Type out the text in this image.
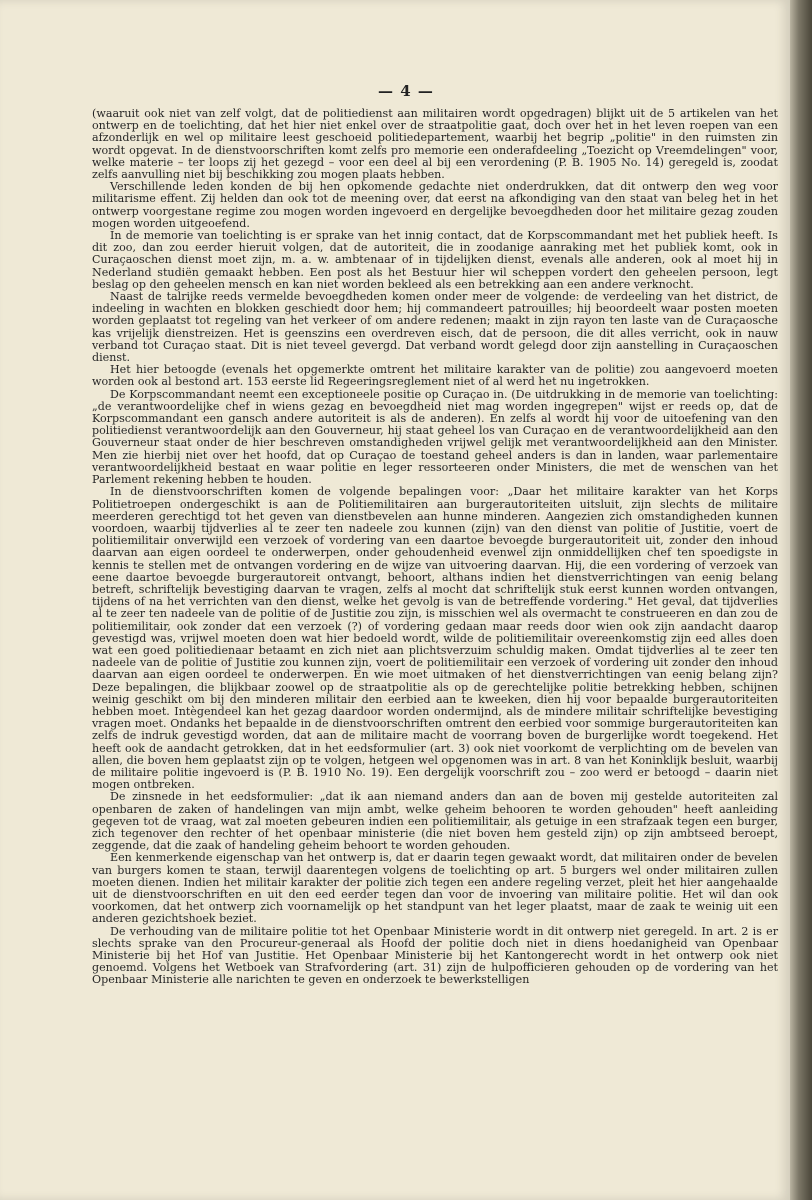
— 4 —

(waaruit ook niet van zelf volgt, dat de politiedienst aan militairen wordt opgedragen) blijkt uit de 5 artikelen van het ontwerp en de toelichting, dat het hier niet enkel over de straatpolitie gaat, doch over het in het leven roepen van een afzonderlijk en wel op militaire leest geschoeid politiedepartement, waarbij het begrip „politie" in den ruimsten zin wordt opgevat. In de dienstvoorschriften komt zelfs pro memorie een onderafdeeling „Toezicht op Vreemdelingen" voor, welke materie – ter loops zij het gezegd – voor een deel al bij een verordening (P. B. 1905 No. 14) geregeld is, zoodat zelfs aanvulling niet bij beschikking zou mogen plaats hebben.

Verschillende leden konden de bij hen opkomende gedachte niet onderdrukken, dat dit ontwerp den weg voor militarisme effent. Zij helden dan ook tot de meening over, dat eerst na afkondiging van den staat van beleg het in het ontwerp voorgestane regime zou mogen worden ingevoerd en dergelijke bevoegdheden door het militaire gezag zouden mogen worden uitgeoefend.

In de memorie van toelichting is er sprake van het innig contact, dat de Korpscommandant met het publiek heeft. Is dit zoo, dan zou eerder hieruit volgen, dat de autoriteit, die in zoodanige aanraking met het publiek komt, ook in Curaçaoschen dienst moet zijn, m. a. w. ambtenaar of in tijdelijken dienst, evenals alle anderen, ook al moet hij in Nederland studiën gemaakt hebben. Een post als het Bestuur hier wil scheppen vordert den geheelen persoon, legt beslag op den geheelen mensch en kan niet worden bekleed als een betrekking aan een andere verknocht.

Naast de talrijke reeds vermelde bevoegdheden komen onder meer de volgende: de verdeeling van het district, de indeeling in wachten en blokken geschiedt door hem; hij commandeert patrouilles; hij beoordeelt waar posten moeten worden geplaatst tot regeling van het verkeer of om andere redenen; maakt in zijn rayon ten laste van de Curaçaosche kas vrijelijk dienstreizen. Het is geenszins een overdreven eisch, dat de persoon, die dit alles verricht, ook in nauw verband tot Curaçao staat. Dit is niet teveel gevergd. Dat verband wordt gelegd door zijn aanstelling in Curaçaoschen dienst.

Het hier betoogde (evenals het opgemerkte omtrent het militaire karakter van de politie) zou aangevoerd moeten worden ook al bestond art. 153 eerste lid Regeeringsreglement niet of al werd het nu ingetrokken.

De Korpscommandant neemt een exceptioneele positie op Curaçao in. (De uitdrukking in de memorie van toelichting: „de verantwoordelijke chef in wiens gezag en bevoegdheid niet mag worden ingegrepen" wijst er reeds op, dat de Korpscommandant een gansch andere autoriteit is als de anderen). En zelfs al wordt hij voor de uitoefening van den politiedienst verantwoordelijk aan den Gouverneur, hij staat geheel los van Curaçao en de verantwoordelijkheid aan den Gouverneur staat onder de hier beschreven omstandigheden vrijwel gelijk met verantwoordelijkheid aan den Minister. Men zie hierbij niet over het hoofd, dat op Curaçao de toestand geheel anders is dan in landen, waar parlementaire verantwoordelijkheid bestaat en waar politie en leger ressorteeren onder Ministers, die met de wenschen van het Parlement rekening hebben te houden.

In de dienstvoorschriften komen de volgende bepalingen voor: „Daar het militaire karakter van het Korps Politietroepen ondergeschikt is aan de Politiemilitairen aan burgerautoriteiten uitsluit, zijn slechts de militaire meerderen gerechtigd tot het geven van dienstbevelen aan hunne minderen. Aangezien zich omstandigheden kunnen voordoen, waarbij tijdverlies al te zeer ten nadeele zou kunnen (zijn) van den dienst van politie of Justitie, voert de politiemilitair onverwijld een verzoek of vordering van een daartoe bevoegde burgerautoriteit uit, zonder den inhoud daarvan aan eigen oordeel te onderwerpen, onder gehoudenheid evenwel zijn onmiddellijken chef ten spoedigste in kennis te stellen met de ontvangen vordering en de wijze van uitvoering daarvan. Hij, die een vordering of verzoek van eene daartoe bevoegde burgerautoreit ontvangt, behoort, althans indien het dienstverrichtingen van eenig belang betreft, schriftelijk bevestiging daarvan te vragen, zelfs al mocht dat schriftelijk stuk eerst kunnen worden ontvangen, tijdens of na het verrichten van den dienst, welke het gevolg is van de betreffende vordering." Het geval, dat tijdverlies al te zeer ten nadeele van de politie of de Justitie zou zijn, is misschien wel als overmacht te construeeren en dan zou de politiemilitair, ook zonder dat een verzoek (?) of vordering gedaan maar reeds door wien ook zijn aandacht daarop gevestigd was, vrijwel moeten doen wat hier bedoeld wordt, wilde de politiemilitair overeenkomstig zijn eed alles doen wat een goed politiedienaar betaamt en zich niet aan plichtsverzuim schuldig maken. Omdat tijdverlies al te zeer ten nadeele van de politie of Justitie zou kunnen zijn, voert de politiemilitair een verzoek of vordering uit zonder den inhoud daarvan aan eigen oordeel te onderwerpen. En wie moet uitmaken of het dienstverrichtingen van eenig belang zijn? Deze bepalingen, die blijkbaar zoowel op de straatpolitie als op de gerechtelijke politie betrekking hebben, schijnen weinig geschikt om bij den minderen militair den eerbied aan te kweeken, dien hij voor bepaalde burgerautoriteiten hebben moet. Intègendeel kan het gezag daardoor worden ondermijnd, als de mindere militair schriftelijke bevestiging vragen moet. Ondanks het bepaalde in de dienstvoorschriften omtrent den eerbied voor sommige burgerautoriteiten kan zelfs de indruk gevestigd worden, dat aan de militaire macht de voorrang boven de burgerlijke wordt toegekend. Het heeft ook de aandacht getrokken, dat in het eedsformulier (art. 3) ook niet voorkomt de verplichting om de bevelen van allen, die boven hem geplaatst zijn op te volgen, hetgeen wel opgenomen was in art. 8 van het Koninklijk besluit, waarbij de militaire politie ingevoerd is (P. B. 1910 No. 19). Een dergelijk voorschrift zou – zoo werd er betoogd – daarin niet mogen ontbreken.

De zinsnede in het eedsformulier: „dat ik aan niemand anders dan aan de boven mij gestelde autoriteiten zal openbaren de zaken of handelingen van mijn ambt, welke geheim behooren te worden gehouden" heeft aanleiding gegeven tot de vraag, wat zal moeten gebeuren indien een politiemilitair, als getuige in een strafzaak tegen een burger, zich tegenover den rechter of het openbaar ministerie (die niet boven hem gesteld zijn) op zijn ambtseed beroept, zeggende, dat die zaak of handeling geheim behoort te worden gehouden.

Een kenmerkende eigenschap van het ontwerp is, dat er daarin tegen gewaakt wordt, dat militairen onder de bevelen van burgers komen te staan, terwijl daarentegen volgens de toelichting op art. 5 burgers wel onder militairen zullen moeten dienen. Indien het militair karakter der politie zich tegen een andere regeling verzet, pleit het hier aangehaalde uit de dienstvoorschriften en uit den eed eerder tegen dan voor de invoering van militaire politie. Het wil dan ook voorkomen, dat het ontwerp zich voornamelijk op het standpunt van het leger plaatst, maar de zaak te weinig uit een anderen gezichtshoek beziet.

De verhouding van de militaire politie tot het Openbaar Ministerie wordt in dit ontwerp niet geregeld. In art. 2 is er slechts sprake van den Procureur-generaal als Hoofd der politie doch niet in diens hoedanigheid van Openbaar Ministerie bij het Hof van Justitie. Het Openbaar Ministerie bij het Kantongerecht wordt in het ontwerp ook niet genoemd. Volgens het Wetboek van Strafvordering (art. 31) zijn de hulpofficieren gehouden op de vordering van het Openbaar Ministerie alle narichten te geven en onderzoek te bewerkstelligen
